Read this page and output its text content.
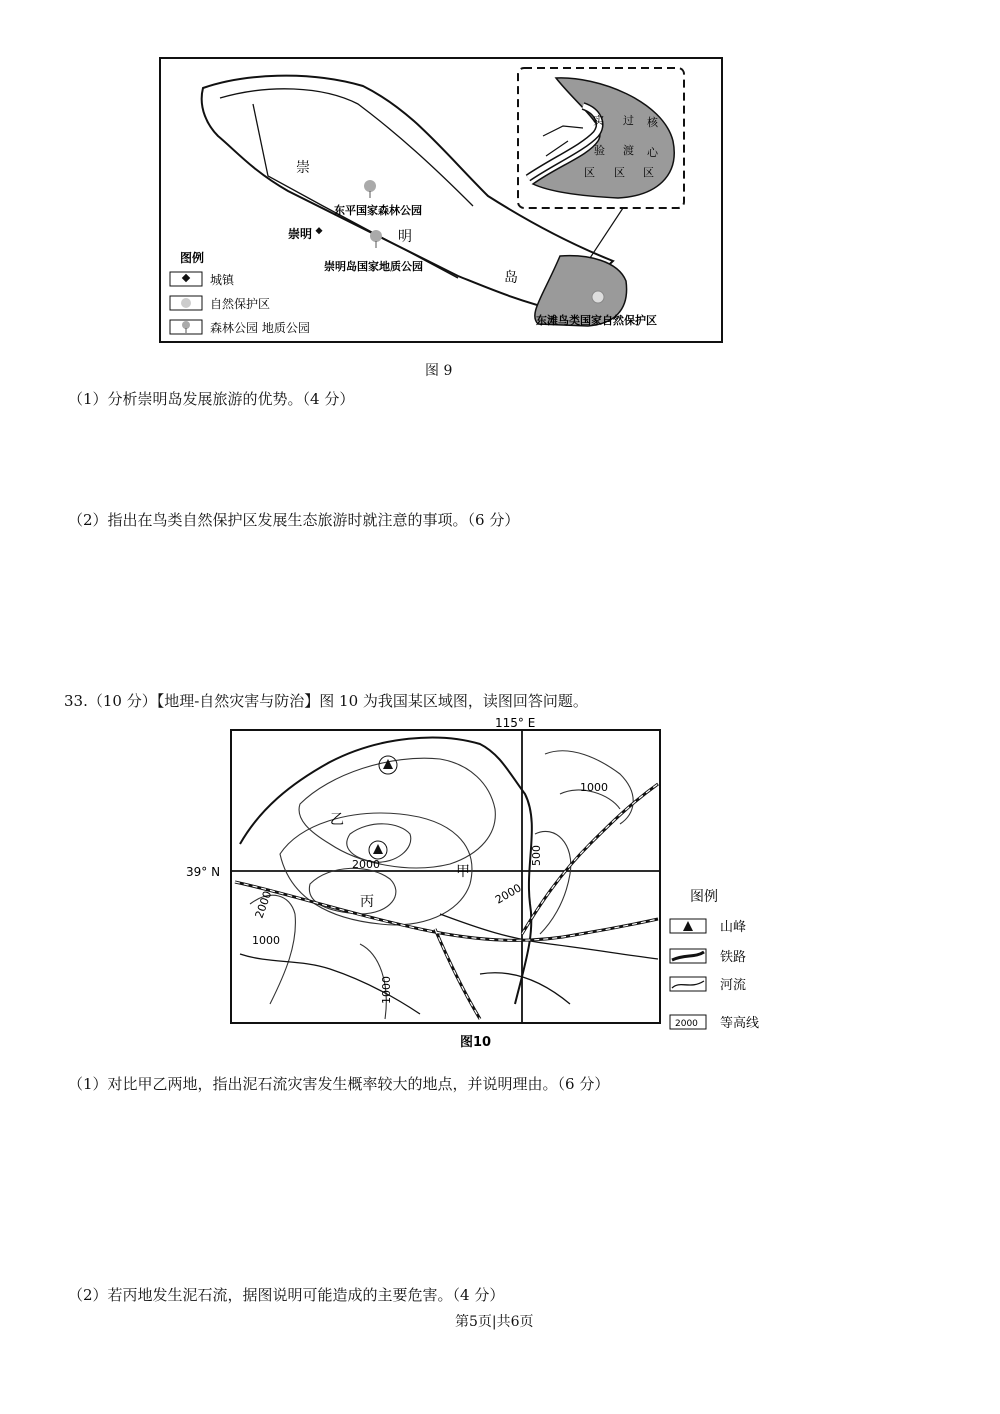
实
验
区
过
渡
区
核
心
区
崇
明
岛
崇明
东平国家森林公园
崇明岛国家地质公园
东滩鸟类国家自然保护区
图例
城镇
自然保护区
森林公园 地质公园
图 9
（1）分析崇明岛发展旅游的优势。（4 分）
（2）指出在鸟类自然保护区发展生态旅游时就注意的事项。（6 分）
33.（10 分）【地理-自然灾害与防治】图 10 为我国某区域图，读图回答问题。
115° E
39° N
乙
甲
丙
1000
2000	500
2000
1000
1000
2000	图例
山峰
铁路
河流
2000 等高线
图10
（1）对比甲乙两地，指出泥石流灾害发生概率较大的地点，并说明理由。（6 分）
（2）若丙地发生泥石流，据图说明可能造成的主要危害。（4 分）
第5页|共6页
